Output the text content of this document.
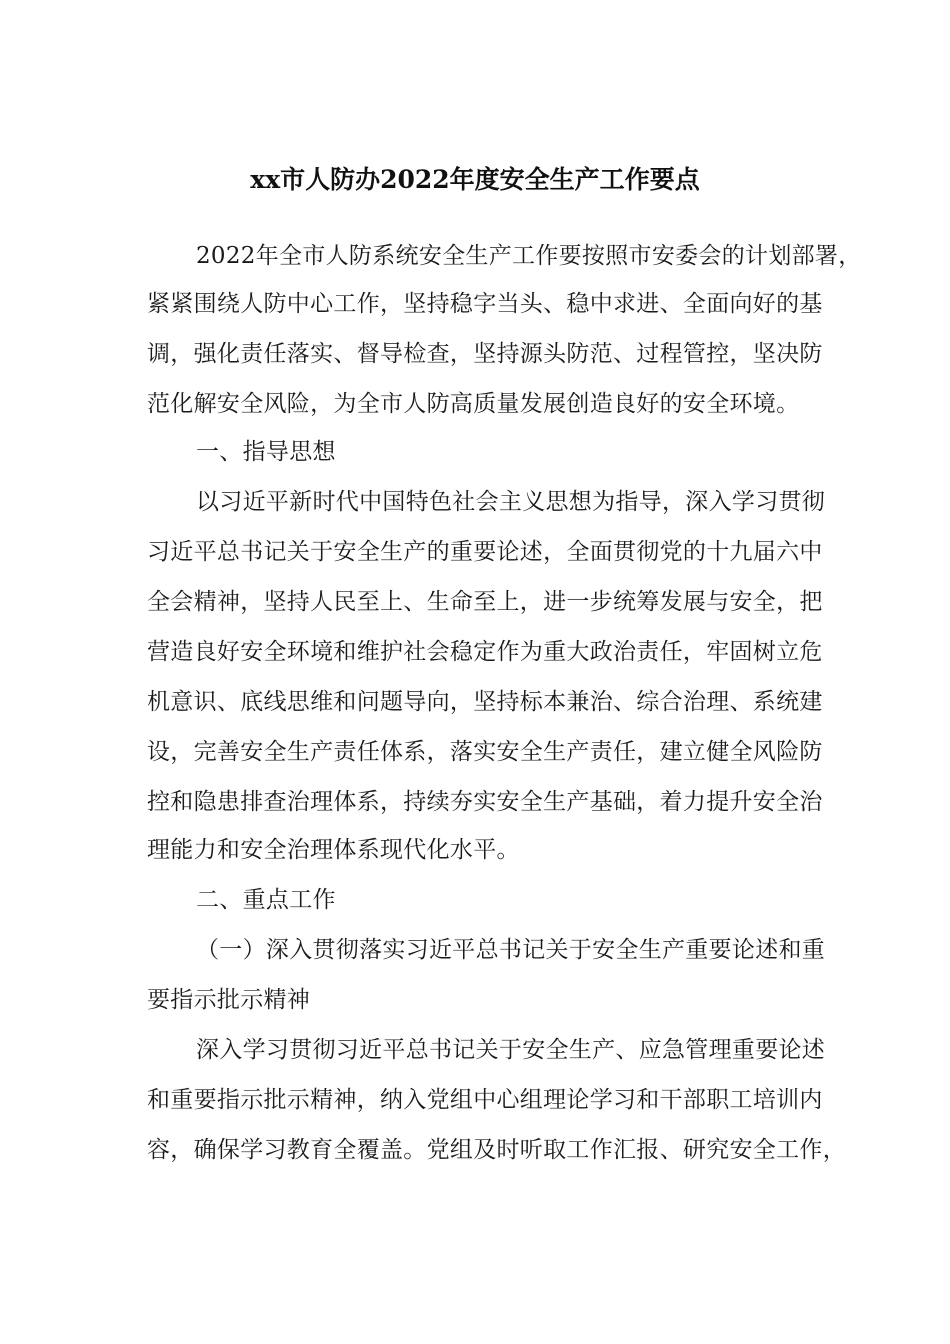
xx市人防办2022年度安全生产工作要点
2022年全市人防系统安全生产工作要按照市安委会的计划部署，
紧紧围绕人防中心工作，坚持稳字当头、稳中求进、全面向好的基
调，强化责任落实、督导检查，坚持源头防范、过程管控，坚决防
范化解安全风险，为全市人防高质量发展创造良好的安全环境。
一、指导思想
以习近平新时代中国特色社会主义思想为指导，深入学习贯彻
习近平总书记关于安全生产的重要论述，全面贯彻党的十九届六中
全会精神，坚持人民至上、生命至上，进一步统筹发展与安全，把
营造良好安全环境和维护社会稳定作为重大政治责任，牢固树立危
机意识、底线思维和问题导向，坚持标本兼治、综合治理、系统建
设，完善安全生产责任体系，落实安全生产责任，建立健全风险防
控和隐患排查治理体系，持续夯实安全生产基础，着力提升安全治
理能力和安全治理体系现代化水平。
二、重点工作
（一）深入贯彻落实习近平总书记关于安全生产重要论述和重
要指示批示精神
深入学习贯彻习近平总书记关于安全生产、应急管理重要论述
和重要指示批示精神，纳入党组中心组理论学习和干部职工培训内
容，确保学习教育全覆盖。党组及时听取工作汇报、研究安全工作，
